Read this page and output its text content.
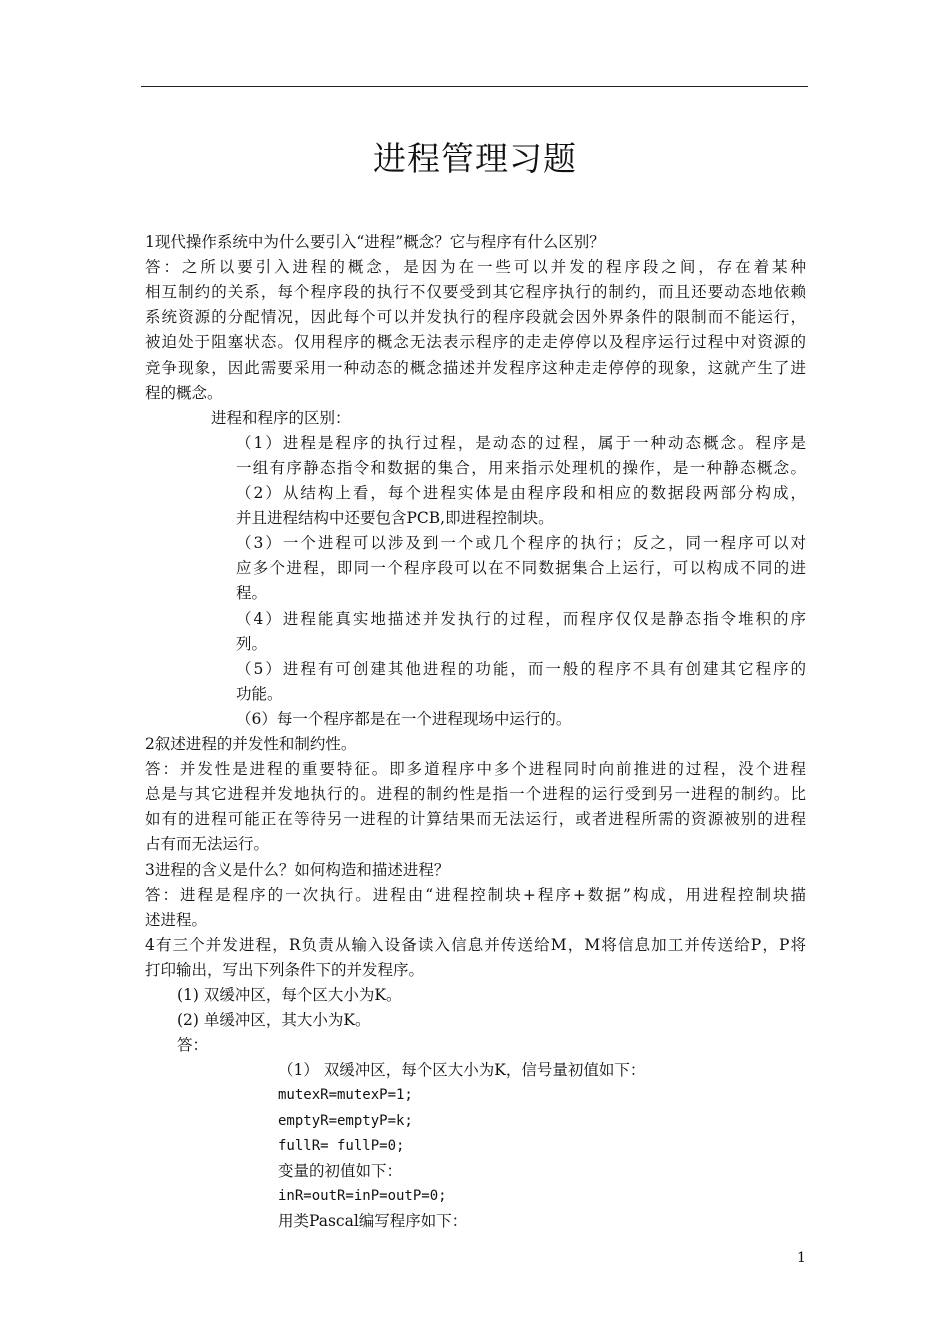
进程管理习题
1现代操作系统中为什么要引入“进程”概念？它与程序有什么区别？
答：之所以要引入进程的概念，是因为在一些可以并发的程序段之间，存在着某种
相互制约的关系，每个程序段的执行不仅要受到其它程序执行的制约，而且还要动态地依赖
系统资源的分配情况，因此每个可以并发执行的程序段就会因外界条件的限制而不能运行，
被迫处于阻塞状态。仅用程序的概念无法表示程序的走走停停以及程序运行过程中对资源的
竞争现象，因此需要采用一种动态的概念描述并发程序这种走走停停的现象，这就产生了进
程的概念。
进程和程序的区别：
（1）进程是程序的执行过程，是动态的过程，属于一种动态概念。程序是
一组有序静态指令和数据的集合，用来指示处理机的操作，是一种静态概念。
（2）从结构上看，每个进程实体是由程序段和相应的数据段两部分构成，
并且进程结构中还要包含PCB,即进程控制块。
（3）一个进程可以涉及到一个或几个程序的执行；反之，同一程序可以对
应多个进程，即同一个程序段可以在不同数据集合上运行，可以构成不同的进
程。
（4）进程能真实地描述并发执行的过程，而程序仅仅是静态指令堆积的序
列。
（5）进程有可创建其他进程的功能，而一般的程序不具有创建其它程序的
功能。
（6）每一个程序都是在一个进程现场中运行的。
2叙述进程的并发性和制约性。
答：并发性是进程的重要特征。即多道程序中多个进程同时向前推进的过程，没个进程
总是与其它进程并发地执行的。进程的制约性是指一个进程的运行受到另一进程的制约。比
如有的进程可能正在等待另一进程的计算结果而无法运行，或者进程所需的资源被别的进程
占有而无法运行。
3进程的含义是什么？如何构造和描述进程？
答：进程是程序的一次执行。进程由“进程控制块+程序+数据”构成，用进程控制块描
述进程。
4有三个并发进程，R负责从输入设备读入信息并传送给M，M将信息加工并传送给P，P将
打印输出，写出下列条件下的并发程序。
(1) 双缓冲区，每个区大小为K。
(2) 单缓冲区，其大小为K。
答：
（1） 双缓冲区，每个区大小为K，信号量初值如下：
mutexR=mutexP=1;
emptyR=emptyP=k;
fullR= fullP=0;
变量的初值如下：
inR=outR=inP=outP=0;
用类Pascal编写程序如下：
1
